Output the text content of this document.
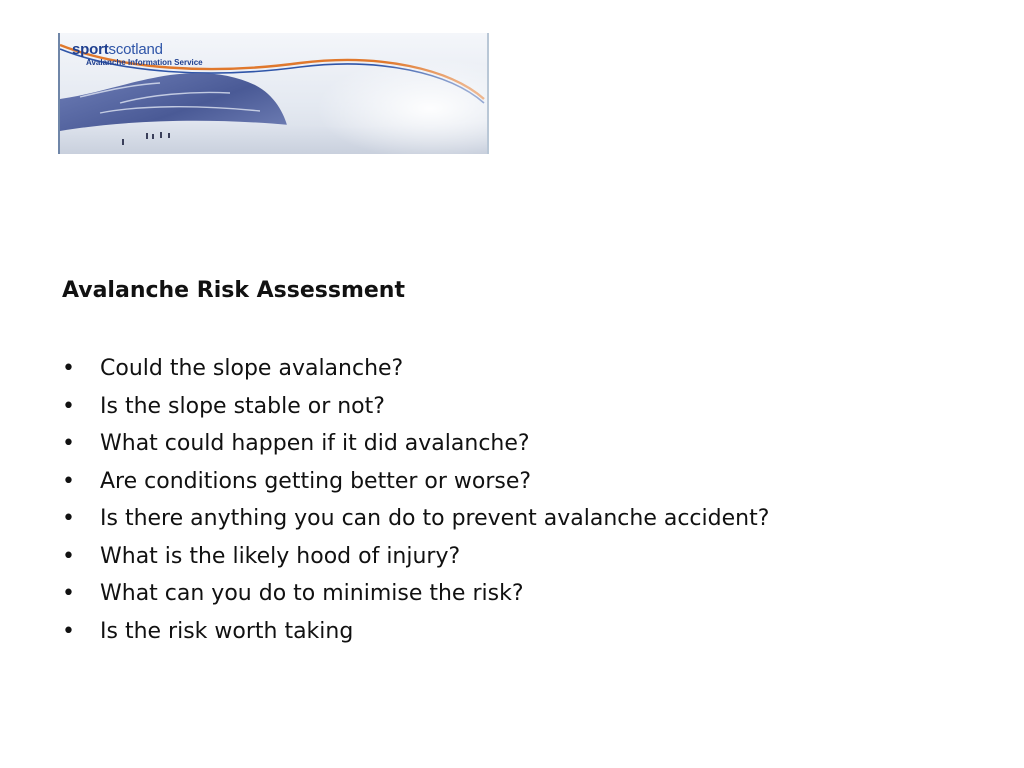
sportscotland
Avalanche Information Service
Avalanche Risk Assessment
• Could the slope avalanche?
• Is the slope stable or not?
• What could happen if it did avalanche?
• Are conditions getting better or worse?
• Is there anything you can do to prevent avalanche accident?
• What is the likely hood of injury?
• What can you do to minimise the risk?
• Is the risk worth taking
